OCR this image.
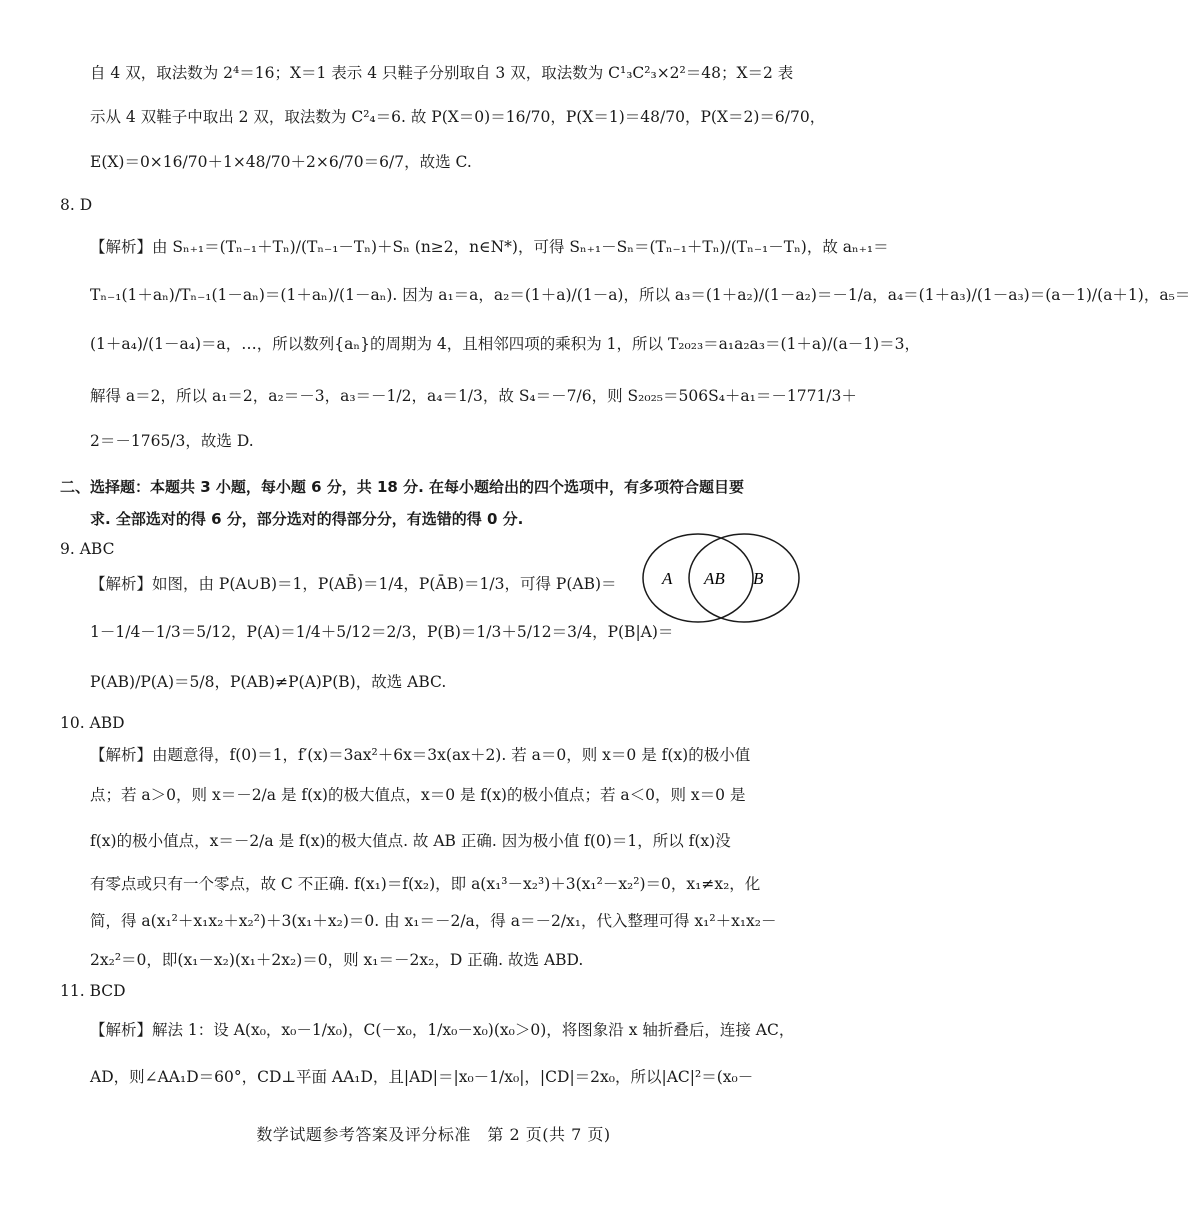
自 4 双，取法数为 2⁴＝16；X＝1 表示 4 只鞋子分别取自 3 双，取法数为 C¹₃C²₃×2²＝48；X＝2 表
示从 4 双鞋子中取出 2 双，取法数为 C²₄＝6. 故 P(X＝0)＝16/70，P(X＝1)＝48/70，P(X＝2)＝6/70，
E(X)＝0×16/70＋1×48/70＋2×6/70＝6/7，故选 C.
8. D
【解析】由 Sₙ₊₁＝(Tₙ₋₁＋Tₙ)/(Tₙ₋₁－Tₙ)＋Sₙ (n≥2，n∈N*)，可得 Sₙ₊₁－Sₙ＝(Tₙ₋₁＋Tₙ)/(Tₙ₋₁－Tₙ)，故 aₙ₊₁＝
Tₙ₋₁(1＋aₙ)/Tₙ₋₁(1－aₙ)＝(1＋aₙ)/(1－aₙ). 因为 a₁＝a，a₂＝(1＋a)/(1－a)，所以 a₃＝(1＋a₂)/(1－a₂)＝－1/a，a₄＝(1＋a₃)/(1－a₃)＝(a－1)/(a＋1)，a₅＝
(1＋a₄)/(1－a₄)＝a，…，所以数列{aₙ}的周期为 4，且相邻四项的乘积为 1，所以 T₂₀₂₃＝a₁a₂a₃＝(1＋a)/(a－1)＝3，
解得 a＝2，所以 a₁＝2，a₂＝－3，a₃＝－1/2，a₄＝1/3，故 S₄＝－7/6，则 S₂₀₂₅＝506S₄＋a₁＝－1771/3＋
2＝－1765/3，故选 D.
二、选择题：本题共 3 小题，每小题 6 分，共 18 分. 在每小题给出的四个选项中，有多项符合题目要
求. 全部选对的得 6 分，部分选对的得部分分，有选错的得 0 分.
9. ABC
【解析】如图，由 P(A∪B)＝1，P(AB̄)＝1/4，P(ĀB)＝1/3，可得 P(AB)＝
1－1/4－1/3＝5/12，P(A)＝1/4＋5/12＝2/3，P(B)＝1/3＋5/12＝3/4，P(B|A)＝
P(AB)/P(A)＝5/8，P(AB)≠P(A)P(B)，故选 ABC.
10. ABD
【解析】由题意得，f(0)＝1，f′(x)＝3ax²＋6x＝3x(ax＋2). 若 a＝0，则 x＝0 是 f(x)的极小值
点；若 a＞0，则 x＝－2/a 是 f(x)的极大值点，x＝0 是 f(x)的极小值点；若 a＜0，则 x＝0 是
f(x)的极小值点，x＝－2/a 是 f(x)的极大值点. 故 AB 正确. 因为极小值 f(0)＝1，所以 f(x)没
有零点或只有一个零点，故 C 不正确. f(x₁)＝f(x₂)，即 a(x₁³－x₂³)＋3(x₁²－x₂²)＝0，x₁≠x₂，化
简，得 a(x₁²＋x₁x₂＋x₂²)＋3(x₁＋x₂)＝0. 由 x₁＝－2/a，得 a＝－2/x₁，代入整理可得 x₁²＋x₁x₂－
2x₂²＝0，即(x₁－x₂)(x₁＋2x₂)＝0，则 x₁＝－2x₂，D 正确. 故选 ABD.
11. BCD
【解析】解法 1：设 A(x₀，x₀－1/x₀)，C(－x₀，1/x₀－x₀)(x₀＞0)，将图象沿 x 轴折叠后，连接 AC，
AD，则∠AA₁D＝60°，CD⊥平面 AA₁D，且|AD|＝|x₀－1/x₀|，|CD|＝2x₀，所以|AC|²＝(x₀－
A AB B
数学试题参考答案及评分标准　第 2 页(共 7 页)
